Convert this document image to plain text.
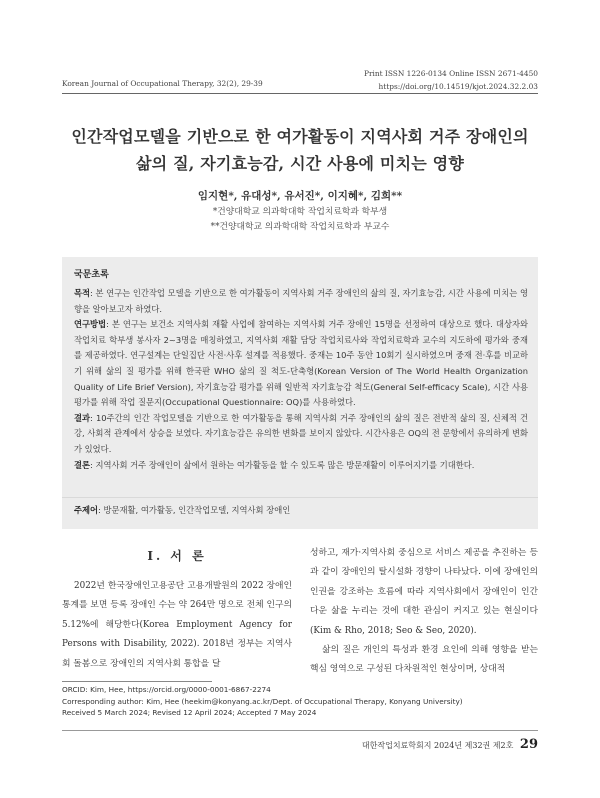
Korean Journal of Occupational Therapy, 32(2), 29-39
Print ISSN 1226-0134 Online ISSN 2671-4450
https://doi.org/10.14519/kjot.2024.32.2.03
인간작업모델을 기반으로 한 여가활동이 지역사회 거주 장애인의
삶의 질, 자기효능감, 시간 사용에 미치는 영향
임지현*, 유대성*, 유서진*, 이지혜*, 김희**

*건양대학교 의과학대학 작업치료학과 학부생

**건양대학교 의과학대학 작업치료학과 부교수

국문초록

목적: 본 연구는 인간작업 모델을 기반으로 한 여가활동이 지역사회 거주 장애인의 삶의 질, 자기효능감, 시간 사용에 미치는 영향을 알아보고자 하였다.

연구방법: 본 연구는 보건소 지역사회 재활 사업에 참여하는 지역사회 거주 장애인 15명을 선정하여 대상으로 했다. 대상자와 작업치료 학부생 봉사자 2~3명을 매칭하였고, 지역사회 재활 담당 작업치료사와 작업치료학과 교수의 지도하에 평가와 중재를 제공하였다. 연구설계는 단일집단 사전·사후 설계를 적용했다. 중재는 10주 동안 10회기 실시하였으며 중재 전·후를 비교하기 위해 삶의 질 평가를 위해 한국판 WHO 삶의 질 척도-단축형(Korean Version of The World Health Organization Quality of Life Brief Version), 자기효능감 평가를 위해 일반적 자기효능감 척도(General Self-efficacy Scale), 시간 사용 평가를 위해 작업 질문지(Occupational Questionnaire: OQ)를 사용하였다.

결과: 10주간의 인간 작업모델을 기반으로 한 여가활동을 통해 지역사회 거주 장애인의 삶의 질은 전반적 삶의 질, 신체적 건강, 사회적 관계에서 상승을 보였다. 자기효능감은 유의한 변화를 보이지 않았다. 시간사용은 OQ의 전 문항에서 유의하게 변화가 있었다.

결론: 지역사회 거주 장애인이 삶에서 원하는 여가활동을 할 수 있도록 많은 방문재활이 이루어지기를 기대한다.

주제어: 방문재활, 여가활동, 인간작업모델, 지역사회 장애인
Ⅰ. 서 론

2022년 한국장애인고용공단 고용개발원의 2022 장애인 통계를 보면 등록 장애인 수는 약 264만 명으로 전체 인구의 5.12%에 해당한다(Korea Employment Agency for Persons with Disability, 2022). 2018년 정부는 지역사회 돌봄으로 장애인의 지역사회 통합을 달

성하고, 재가·지역사회 중심으로 서비스 제공을 추진하는 등과 같이 장애인의 탈시설화 경향이 나타났다. 이에 장애인의 인권을 강조하는 흐름에 따라 지역사회에서 장애인이 인간다운 삶을 누리는 것에 대한 관심이 커지고 있는 현실이다(Kim & Rho, 2018; Seo & Seo, 2020).

삶의 질은 개인의 특성과 환경 요인에 의해 영향을 받는 핵심 영역으로 구성된 다차원적인 현상이며, 상대적

ORCID: Kim, Hee, https://orcid.org/0000-0001-6867-2274

Corresponding author: Kim, Hee (heekim@konyang.ac.kr/Dept. of Occupational Therapy, Konyang University)

Received 5 March 2024; Revised 12 April 2024; Accepted 7 May 2024

대한작업치료학회지 2024년 제32권 제2호 29
